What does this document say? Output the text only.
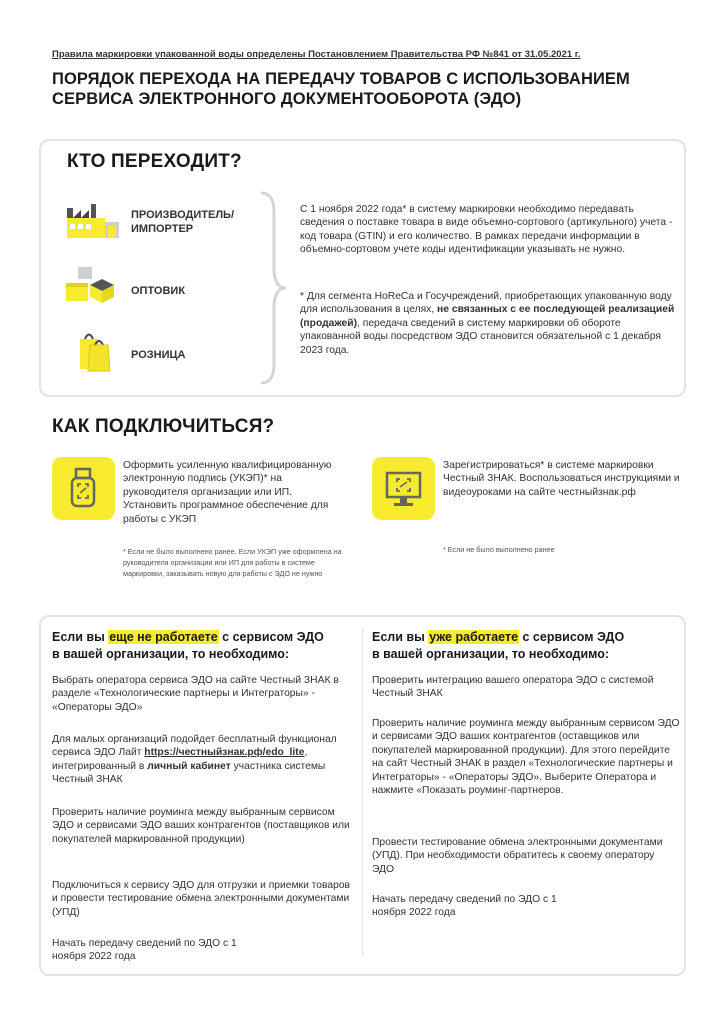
Правила маркировки упакованной воды определены Постановлением Правительства РФ №841 от 31.05.2021 г.
ПОРЯДОК ПЕРЕХОДА НА ПЕРЕДАЧУ ТОВАРОВ С ИСПОЛЬЗОВАНИЕМ
СЕРВИСА ЭЛЕКТРОННОГО ДОКУМЕНТООБОРОТА (ЭДО)
КТО ПЕРЕХОДИТ?
ПРОИЗВОДИТЕЛЬ/
ИМПОРТЕР
ОПТОВИК
РОЗНИЦА
С 1 ноября 2022 года* в систему маркировки необходимо передавать сведения о поставке товара в виде объемно-сортового (артикульного) учета - код товара (GTIN) и его количество. В рамках передачи информации в объемно-сортовом учете коды идентификации указывать не нужно.
* Для сегмента HoReCa и Госучреждений, приобретающих упакованную воду для использования в целях, не связанных с ее последующей реализацией (продажей), передача сведений в систему маркировки об обороте упакованной воды посредством ЭДО становится обязательной с 1 декабря 2023 года.
КАК ПОДКЛЮЧИТЬСЯ?
Оформить усиленную квалифицированную электронную подпись (УКЭП)* на руководителя организации или ИП. Установить программное обеспечение для работы с УКЭП
* Если не было выполнено ранее. Если УКЭП уже оформлена на руководителя организации или ИП для работы в системе маркировки, заказывать новую для работы с ЭДО не нужно
Зарегистрироваться* в системе маркировки Честный ЗНАК. Воспользоваться инструкциями и видеоуроками на сайте честныйзнак.рф
* Если не было выполнено ранее
Если вы еще не работаете с сервисом ЭДО
в вашей организации, то необходимо:
Выбрать оператора сервиса ЭДО на сайте Честный ЗНАК в разделе «Технологические партнеры и Интеграторы» - «Операторы ЭДО»
Для малых организаций подойдет бесплатный функционал сервиса ЭДО Лайт https://честныйзнак.рф/edo_lite, интегрированный в личный кабинет участника системы Честный ЗНАК
Проверить наличие роуминга между выбранным сервисом ЭДО и сервисами ЭДО ваших контрагентов (поставщиков или покупателей маркированной продукции)
Подключиться к сервису ЭДО для отгрузки и приемки товаров и провести тестирование обмена электронными документами (УПД)
Начать передачу сведений по ЭДО с 1 ноября 2022 года
Если вы уже работаете с сервисом ЭДО
в вашей организации, то необходимо:
Проверить интеграцию вашего оператора ЭДО с системой Честный ЗНАК
Проверить наличие роуминга между выбранным сервисом ЭДО и сервисами ЭДО ваших контрагентов (оставщиков или покупателей маркированной продукции). Для этого перейдите на сайт Честный ЗНАК в раздел «Технологические партнеры и Интеграторы» - «Операторы ЭДО». Выберите Оператора и нажмите «Показать роуминг-партнеров.
Провести тестирование обмена электронными документами (УПД). При необходимости обратитесь к своему оператору ЭДО
Начать передачу сведений по ЭДО с 1 ноября 2022 года
